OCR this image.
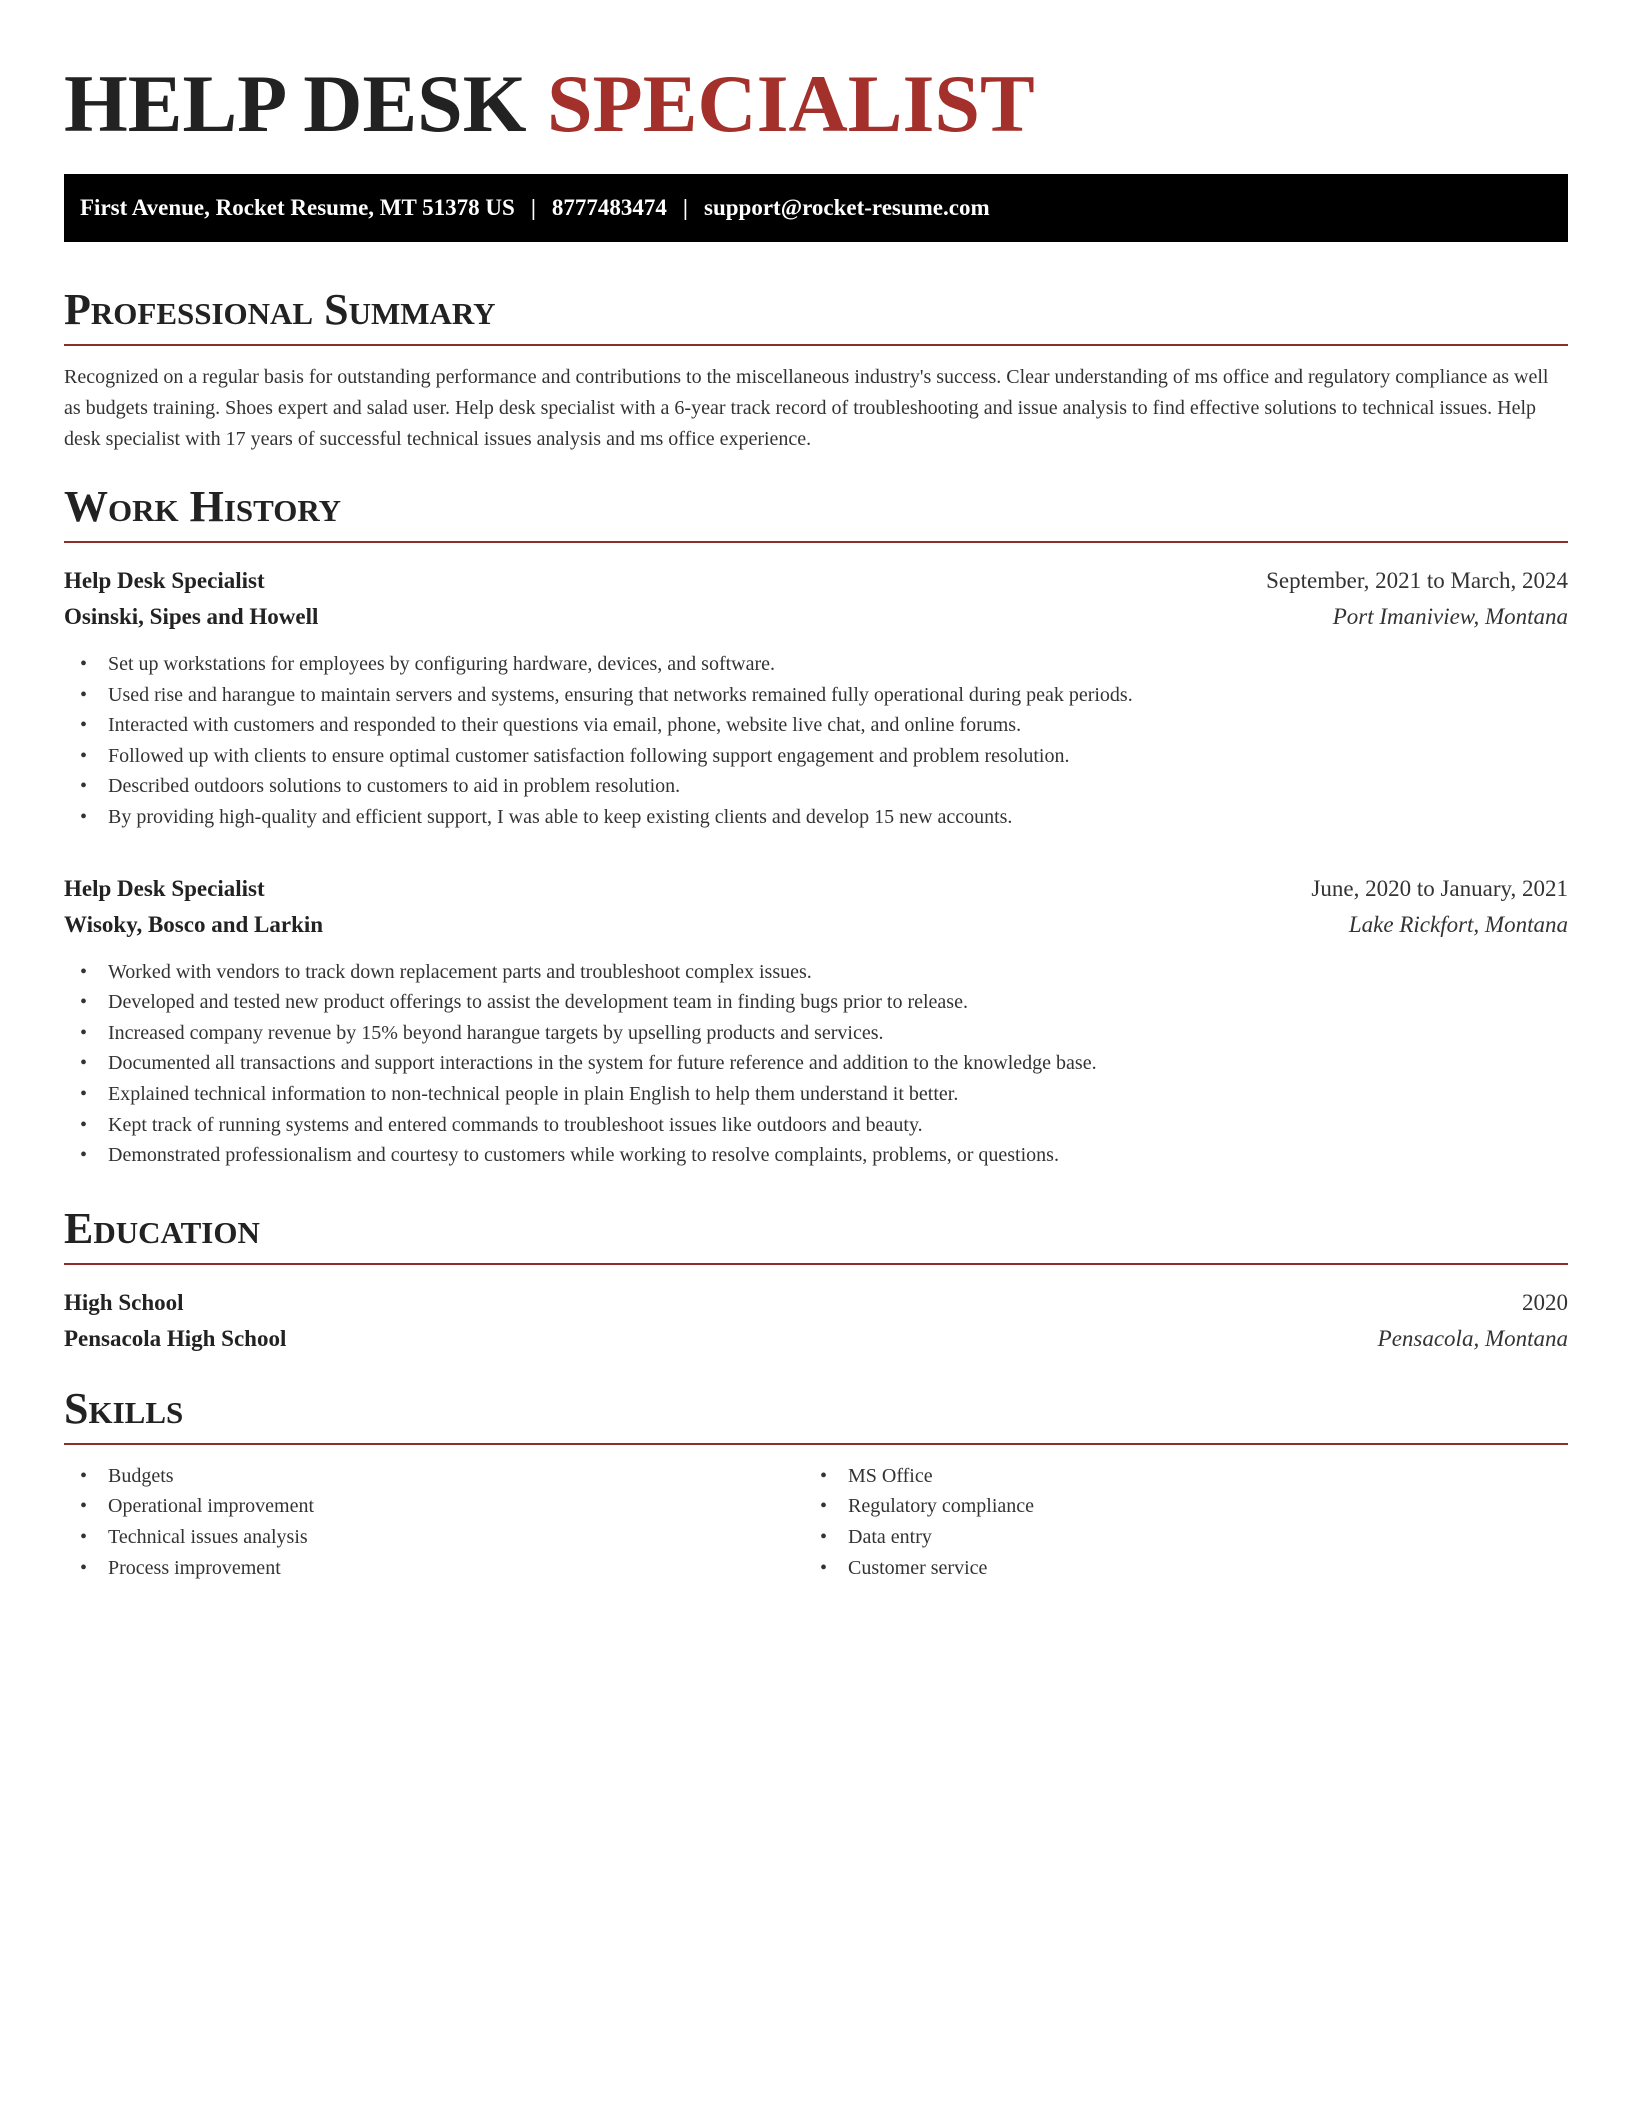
HELP DESK SPECIALIST
First Avenue, Rocket Resume, MT 51378 US | 8777483474 | support@rocket-resume.com
Professional Summary

Recognized on a regular basis for outstanding performance and contributions to the miscellaneous industry's success. Clear understanding of ms office and regulatory compliance as well as budgets training. Shoes expert and salad user. Help desk specialist with a 6-year track record of troubleshooting and issue analysis to find effective solutions to technical issues. Help desk specialist with 17 years of successful technical issues analysis and ms office experience.

Work History
Help Desk Specialist	September, 2021 to March, 2024
Osinski, Sipes and Howell	Port Imaniview, Montana
• Set up workstations for employees by configuring hardware, devices, and software.
• Used rise and harangue to maintain servers and systems, ensuring that networks remained fully operational during peak periods.
• Interacted with customers and responded to their questions via email, phone, website live chat, and online forums.
• Followed up with clients to ensure optimal customer satisfaction following support engagement and problem resolution.
• Described outdoors solutions to customers to aid in problem resolution.
• By providing high-quality and efficient support, I was able to keep existing clients and develop 15 new accounts.
Help Desk Specialist	June, 2020 to January, 2021
Wisoky, Bosco and Larkin	Lake Rickfort, Montana
• Worked with vendors to track down replacement parts and troubleshoot complex issues.
• Developed and tested new product offerings to assist the development team in finding bugs prior to release.
• Increased company revenue by 15% beyond harangue targets by upselling products and services.
• Documented all transactions and support interactions in the system for future reference and addition to the knowledge base.
• Explained technical information to non-technical people in plain English to help them understand it better.
• Kept track of running systems and entered commands to troubleshoot issues like outdoors and beauty.
• Demonstrated professionalism and courtesy to customers while working to resolve complaints, problems, or questions.
Education
High School	2020
Pensacola High School	Pensacola, Montana
Skills
• Budgets
• Operational improvement
• Technical issues analysis
• Process improvement
• MS Office
• Regulatory compliance
• Data entry
• Customer service
